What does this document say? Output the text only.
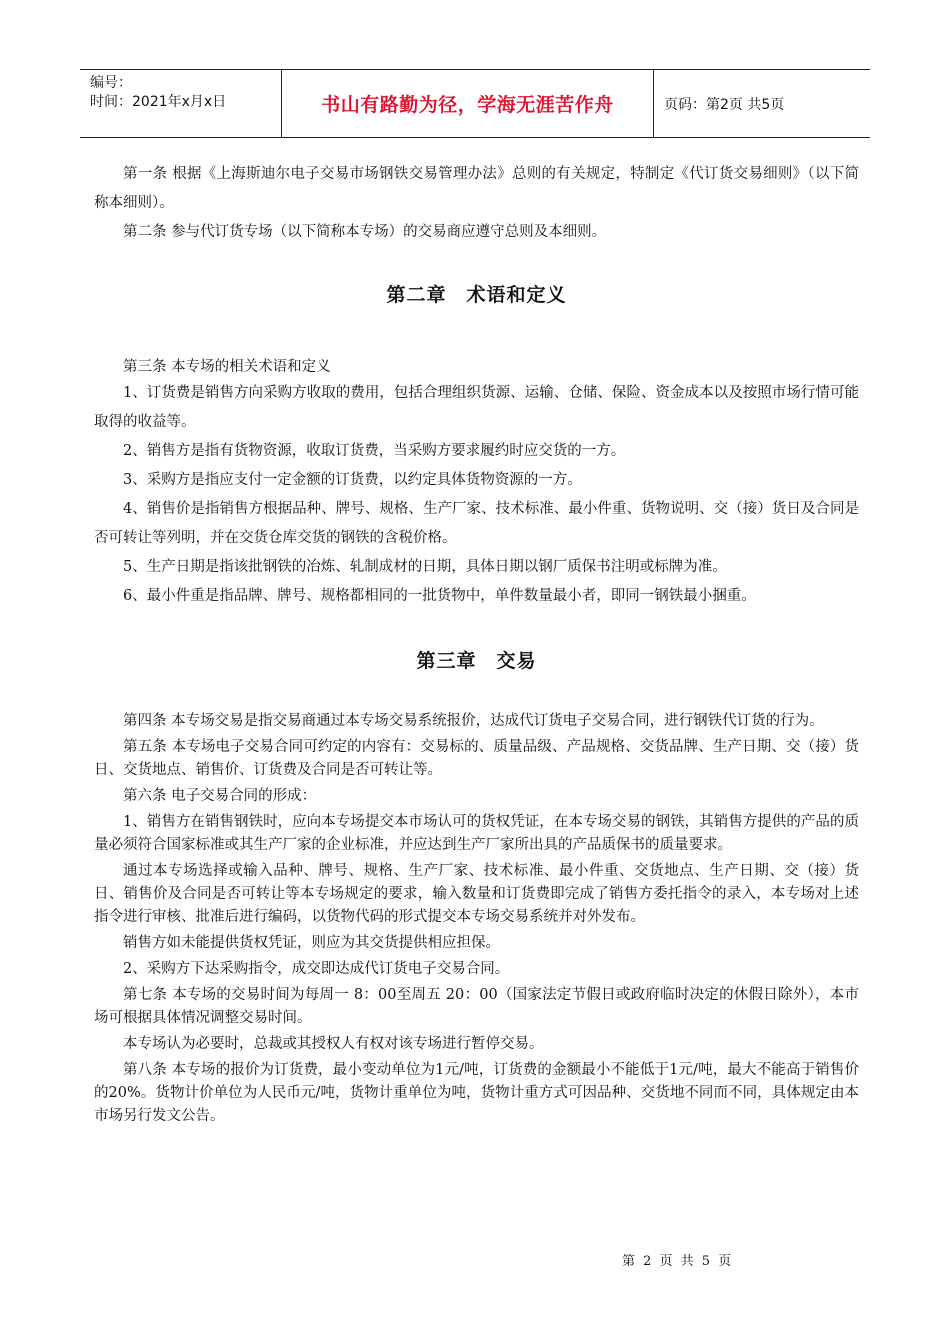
编号：
时间：2021年x月x日	书山有路勤为径，学海无涯苦作舟	页码：第2页 共5页

第一条 根据《上海斯迪尔电子交易市场钢铁交易管理办法》总则的有关规定，特制定《代订货交易细则》（以下简称本细则）。

第二条 参与代订货专场（以下简称本专场）的交易商应遵守总则及本细则。

第二章　术语和定义

第三条 本专场的相关术语和定义

1、订货费是销售方向采购方收取的费用，包括合理组织货源、运输、仓储、保险、资金成本以及按照市场行情可能取得的收益等。

2、销售方是指有货物资源，收取订货费，当采购方要求履约时应交货的一方。

3、采购方是指应支付一定金额的订货费，以约定具体货物资源的一方。

4、销售价是指销售方根据品种、牌号、规格、生产厂家、技术标准、最小件重、货物说明、交（接）货日及合同是否可转让等列明，并在交货仓库交货的钢铁的含税价格。

5、生产日期是指该批钢铁的冶炼、轧制成材的日期，具体日期以钢厂质保书注明或标牌为准。

6、最小件重是指品牌、牌号、规格都相同的一批货物中，单件数量最小者，即同一钢铁最小捆重。

第三章　交易

第四条 本专场交易是指交易商通过本专场交易系统报价，达成代订货电子交易合同，进行钢铁代订货的行为。

第五条 本专场电子交易合同可约定的内容有：交易标的、质量品级、产品规格、交货品牌、生产日期、交（接）货日、交货地点、销售价、订货费及合同是否可转让等。

第六条 电子交易合同的形成：

1、销售方在销售钢铁时，应向本专场提交本市场认可的货权凭证，在本专场交易的钢铁，其销售方提供的产品的质量必须符合国家标准或其生产厂家的企业标准，并应达到生产厂家所出具的产品质保书的质量要求。

通过本专场选择或输入品种、牌号、规格、生产厂家、技术标准、最小件重、交货地点、生产日期、交（接）货日、销售价及合同是否可转让等本专场规定的要求，输入数量和订货费即完成了销售方委托指令的录入，本专场对上述指令进行审核、批准后进行编码，以货物代码的形式提交本专场交易系统并对外发布。

销售方如未能提供货权凭证，则应为其交货提供相应担保。

2、采购方下达采购指令，成交即达成代订货电子交易合同。

第七条 本专场的交易时间为每周一 8：00至周五 20：00（国家法定节假日或政府临时决定的休假日除外），本市场可根据具体情况调整交易时间。

本专场认为必要时，总裁或其授权人有权对该专场进行暂停交易。

第八条 本专场的报价为订货费，最小变动单位为1元/吨，订货费的金额最小不能低于1元/吨，最大不能高于销售价的20%。货物计价单位为人民币元/吨，货物计重单位为吨，货物计重方式可因品种、交货地不同而不同，具体规定由本市场另行发文公告。

第 2 页 共 5 页
